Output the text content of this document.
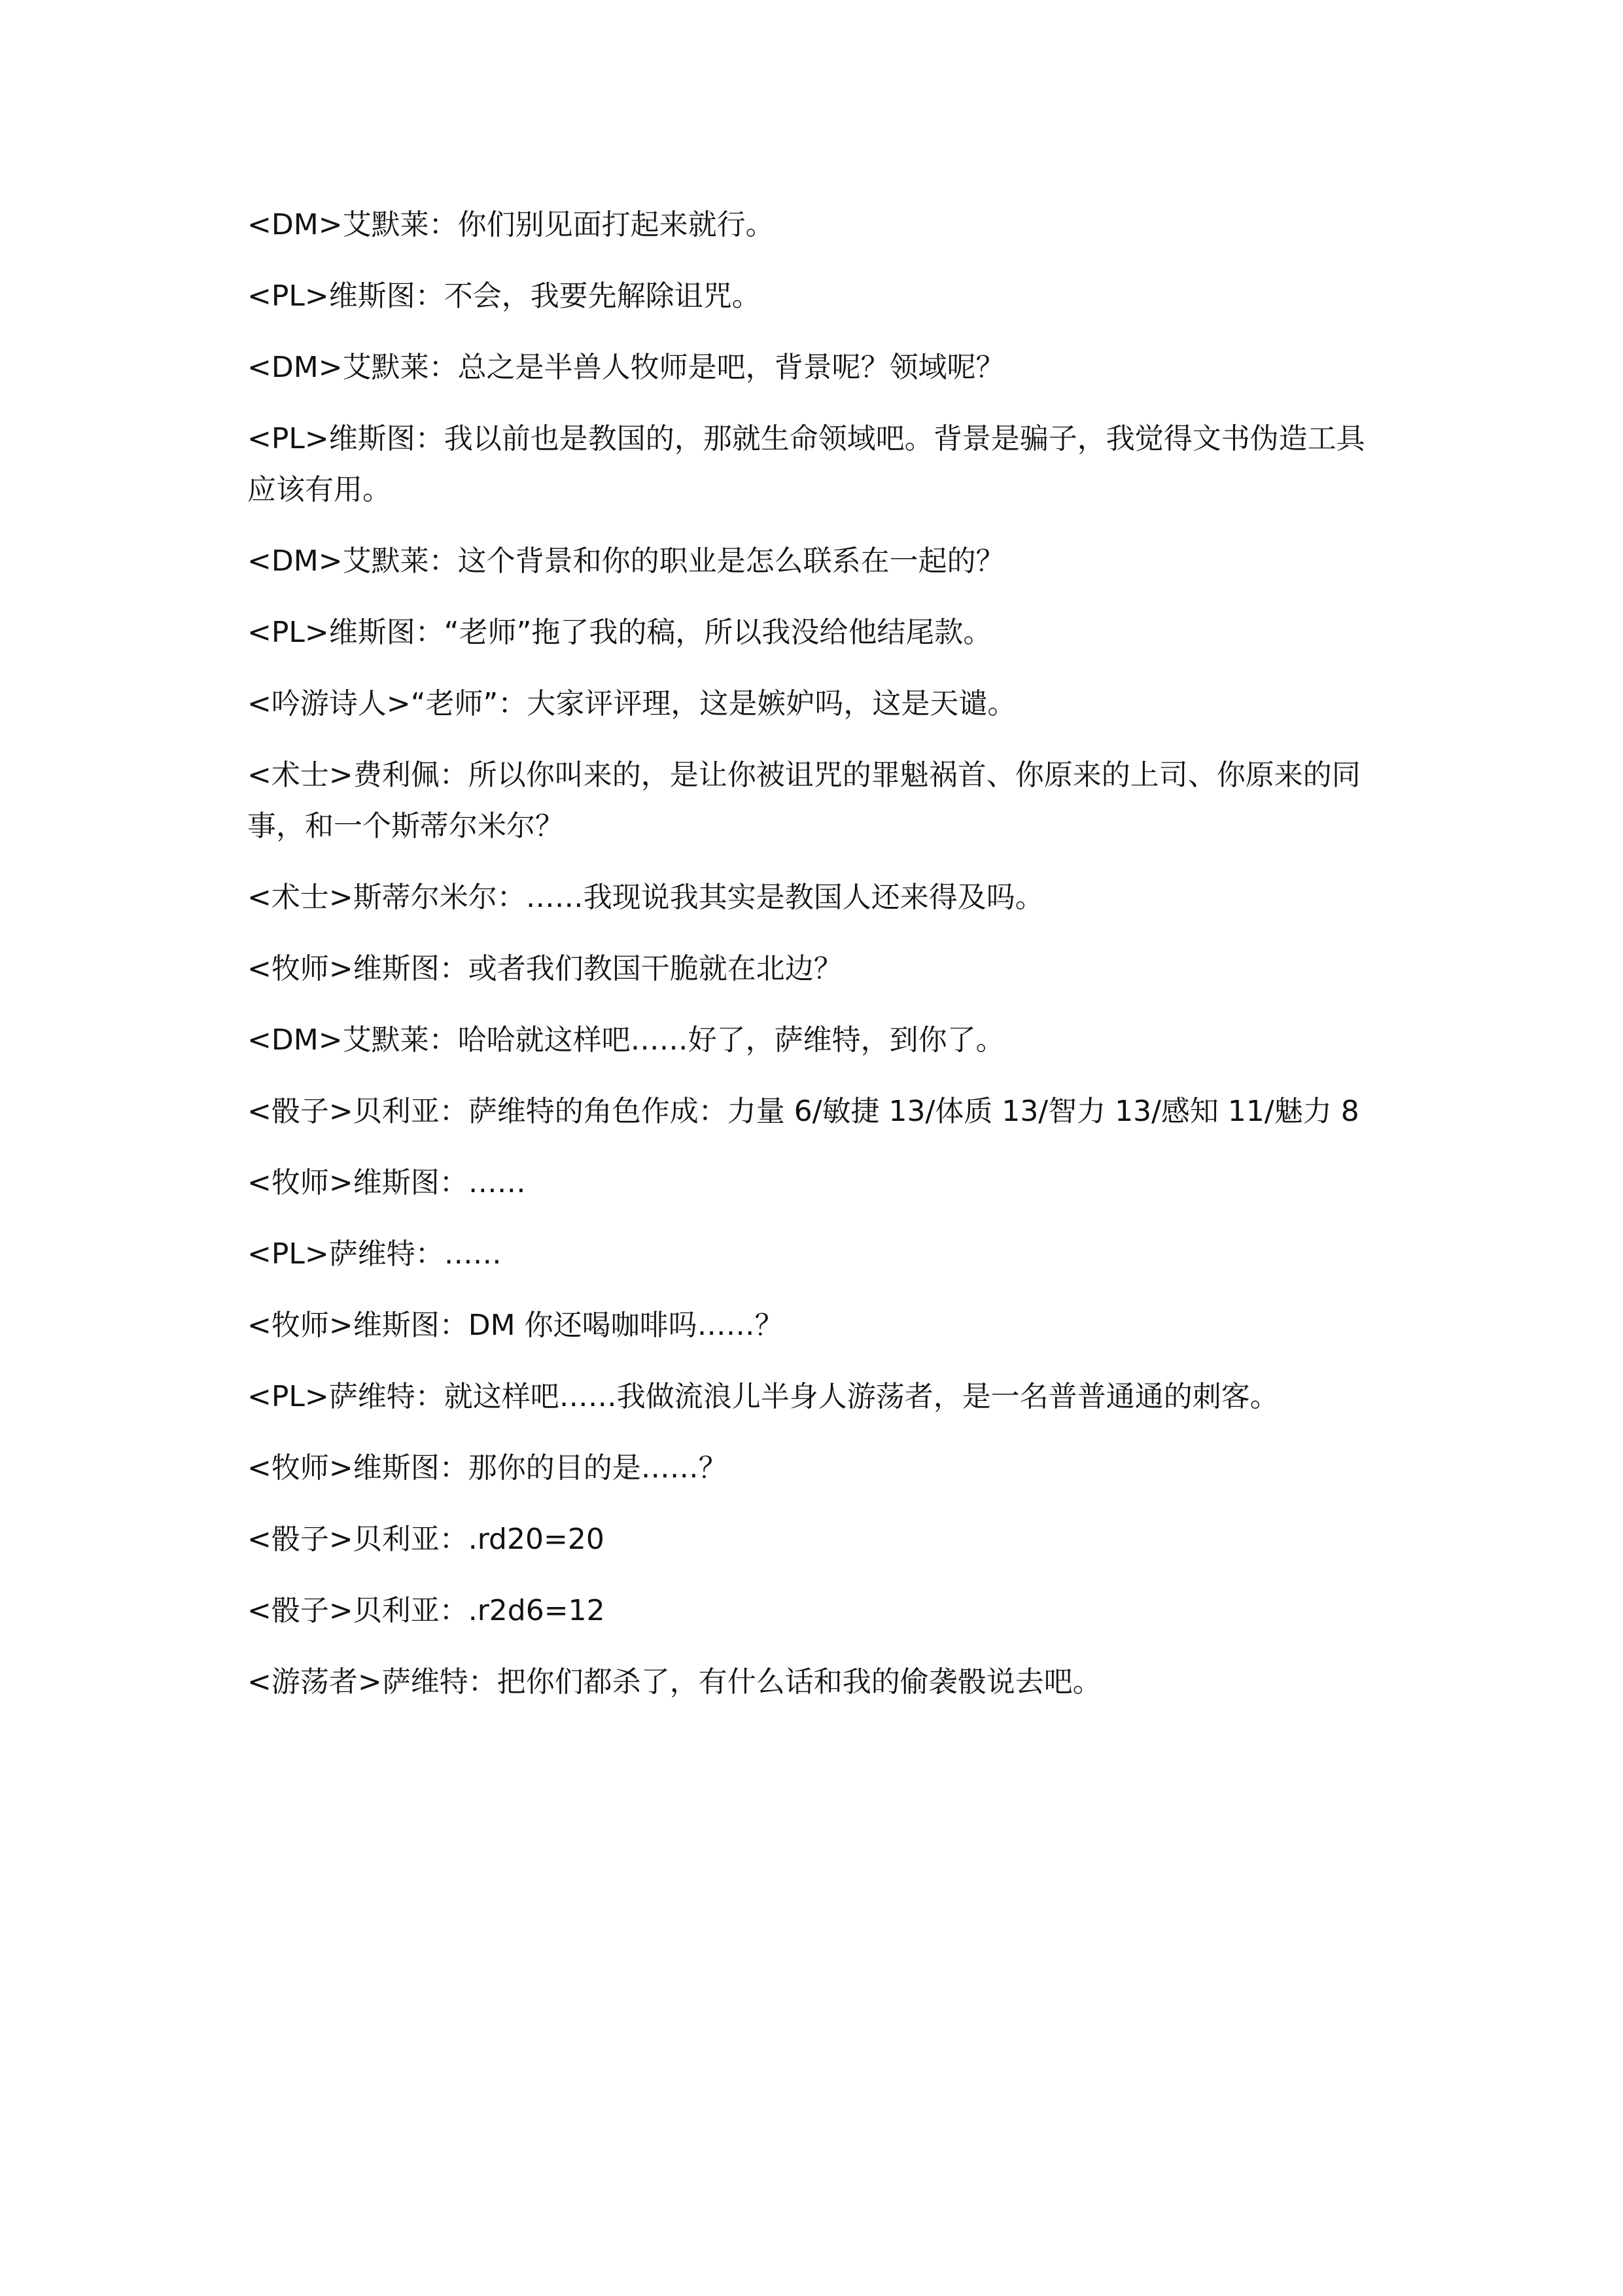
<DM>艾默莱：你们别见面打起来就行。

<PL>维斯图：不会，我要先解除诅咒。

<DM>艾默莱：总之是半兽人牧师是吧，背景呢？领域呢？

<PL>维斯图：我以前也是教国的，那就生命领域吧。背景是骗子，我觉得文书伪造工具应该有用。

<DM>艾默莱：这个背景和你的职业是怎么联系在一起的？

<PL>维斯图：“老师”拖了我的稿，所以我没给他结尾款。

<吟游诗人>“老师”：大家评评理，这是嫉妒吗，这是天谴。

<术士>费利佩：所以你叫来的，是让你被诅咒的罪魁祸首、你原来的上司、你原来的同事，和一个斯蒂尔米尔？

<术士>斯蒂尔米尔：……我现说我其实是教国人还来得及吗。

<牧师>维斯图：或者我们教国干脆就在北边？

<DM>艾默莱：哈哈就这样吧……好了，萨维特，到你了。

<骰子>贝利亚：萨维特的角色作成：力量 6/敏捷 13/体质 13/智力 13/感知 11/魅力 8

<牧师>维斯图：……

<PL>萨维特：……

<牧师>维斯图：DM 你还喝咖啡吗……？

<PL>萨维特：就这样吧……我做流浪儿半身人游荡者，是一名普普通通的刺客。

<牧师>维斯图：那你的目的是……？

<骰子>贝利亚：.rd20=20

<骰子>贝利亚：.r2d6=12

<游荡者>萨维特：把你们都杀了，有什么话和我的偷袭骰说去吧。
